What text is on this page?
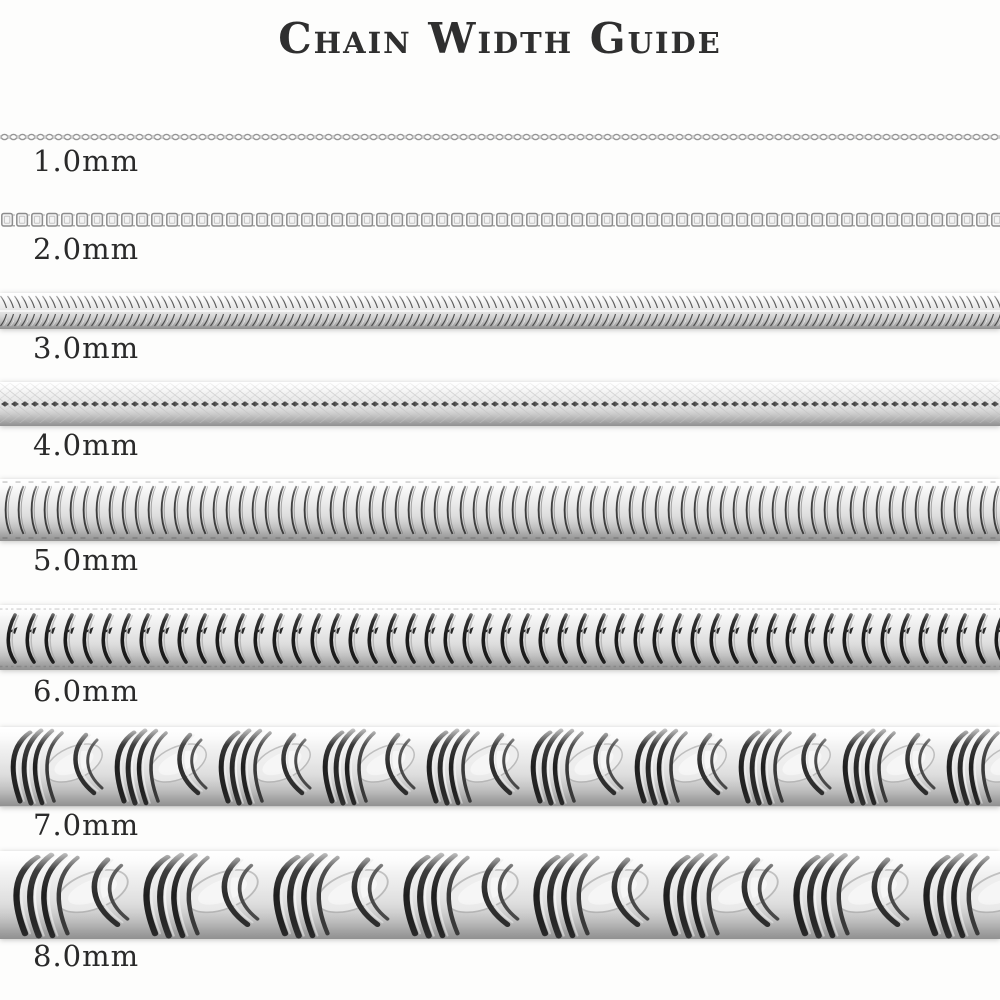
Chain Width Guide
1.0mm
2.0mm
3.0mm
4.0mm
5.0mm
6.0mm
7.0mm
8.0mm
